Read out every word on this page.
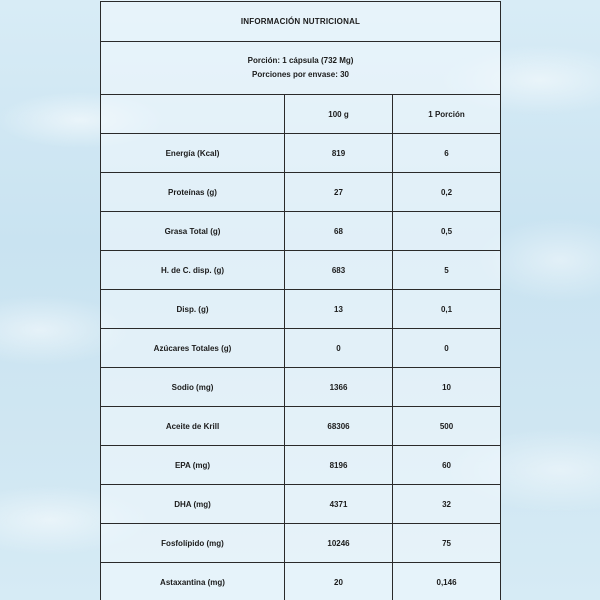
INFORMACIÓN NUTRICIONAL		

Porción: 1 cápsula (732 Mg)
Porciones por envase: 30		

	100 g	1 Porción
Energía (Kcal)	819	6
Proteínas (g)	27	0,2
Grasa Total (g)	68	0,5
H. de C. disp. (g)	683	5
Disp. (g)	13	0,1
Azúcares Totales (g)	0	0
Sodio (mg)	1366	10
Aceite de Krill	68306	500
EPA (mg)	8196	60
DHA (mg)	4371	32
Fosfolípido (mg)	10246	75
Astaxantina (mg)	20	0,146
